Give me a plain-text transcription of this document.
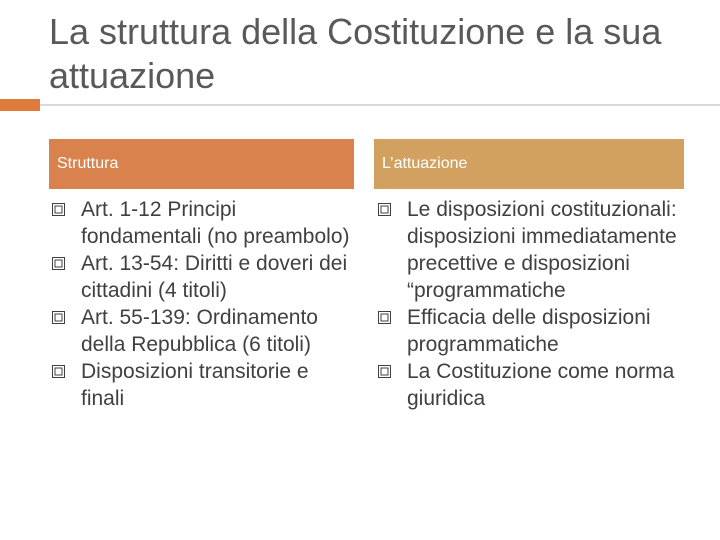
La struttura della Costituzione e la sua attuazione
Struttura	L’attuazione
Art. 1-12 Principi fondamentali (no preambolo)
Art. 13-54: Diritti e doveri dei cittadini (4 titoli)
Art. 55-139: Ordinamento della Repubblica (6 titoli)
Disposizioni transitorie e finali
Le disposizioni costituzionali: disposizioni immediatamente precettive e disposizioni “programmatiche
Efficacia delle disposizioni programmatiche
La Costituzione come norma giuridica
